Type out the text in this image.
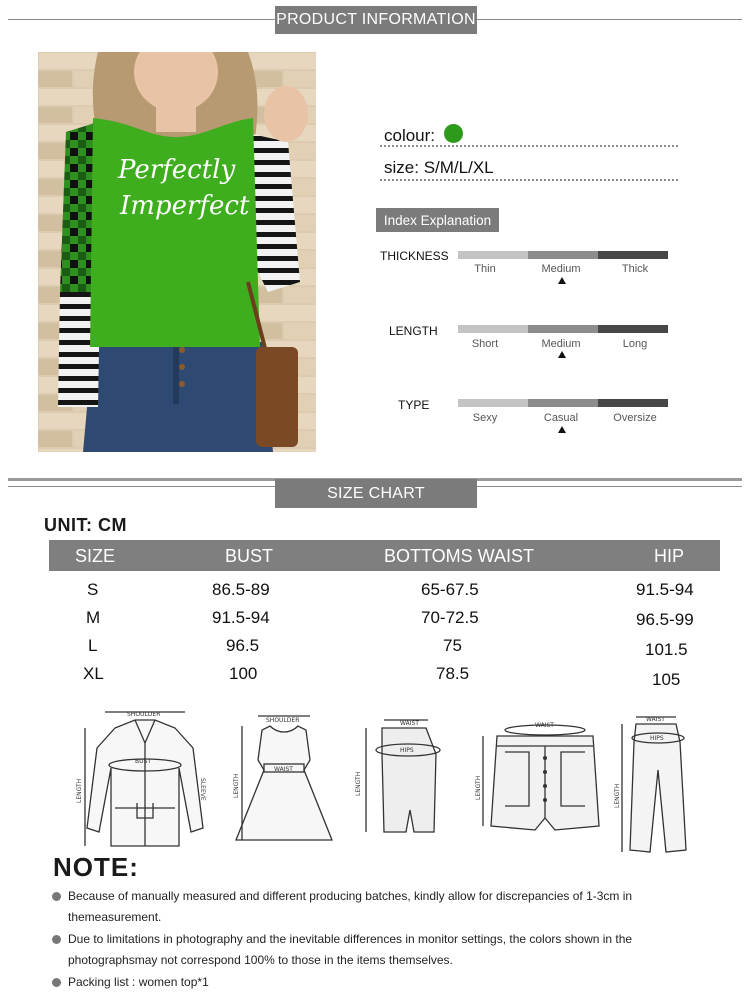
PRODUCT INFORMATION
Perfectly
Imperfect
colour:
size: S/M/L/XL
Index Explanation
THICKNESS
Thin	Medium	Thick
LENGTH
Short	Medium	Long
TYPE
Sexy	Casual	Oversize
SIZE CHART
UNIT: CM
SIZE	BUST	BOTTOMS WAIST	HIP
S	86.5-89	65-67.5	91.5-94
M	91.5-94	70-72.5	96.5-99
L	96.5	75	101.5
XL	100	78.5	105
SHOULDER
BUST
LENGTH	SLEEVE
SHOULDER
WAIST
LENGTH
WAIST
HIPS
LENGTH
WAIST
LENGTH
WAIST
HIPS
LENGTH
NOTE:
Because of manually measured and different producing batches, kindly allow for discrepancies of 1-3cm in
themeasurement.
Due to limitations in photography and the inevitable differences in monitor settings, the colors shown in the
photographsmay not correspond 100% to those in the items themselves.
Packing list : women top*1
